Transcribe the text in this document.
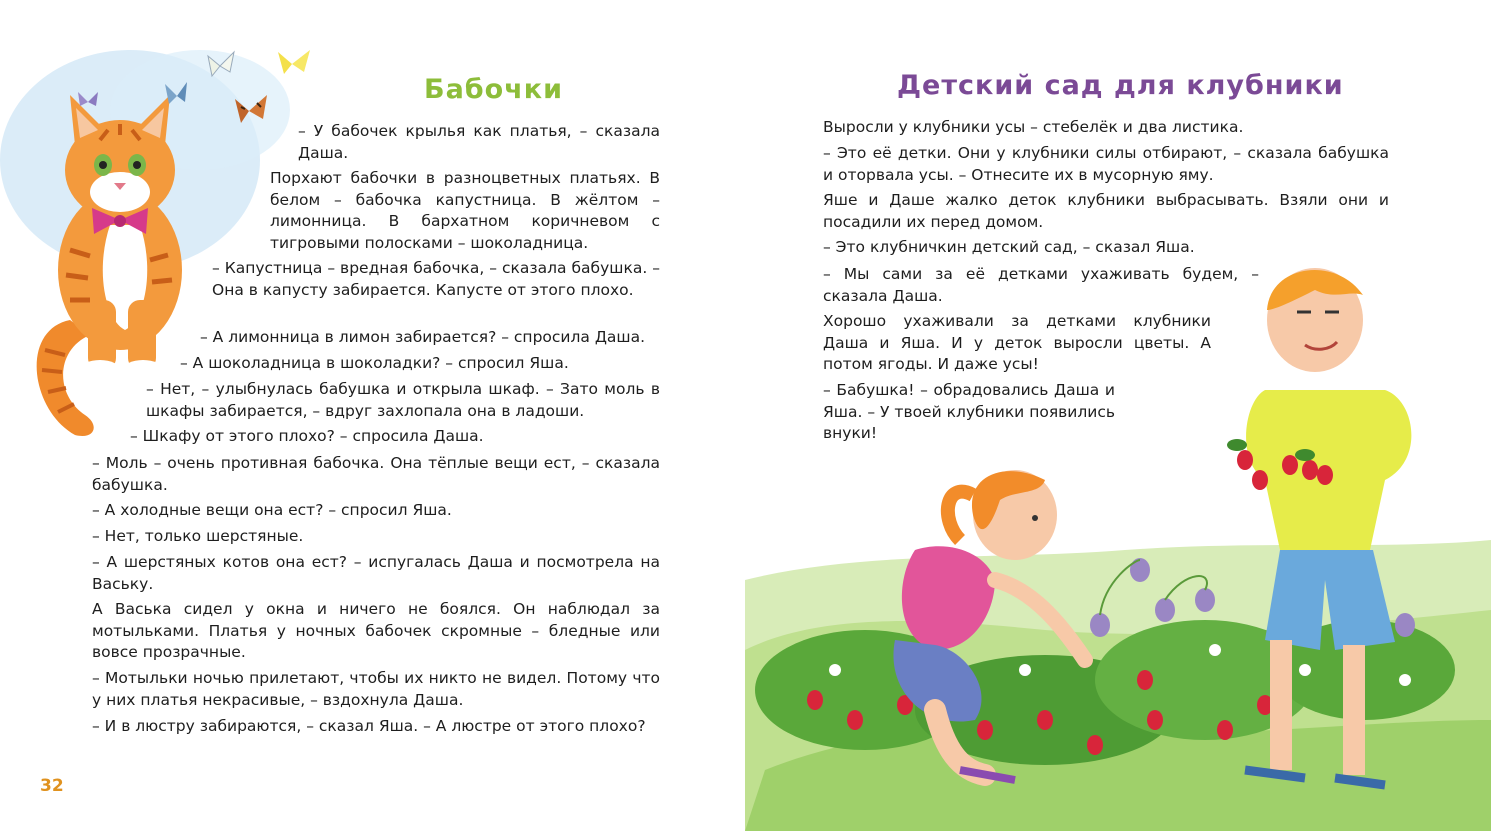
Бабочки

– У бабочек крылья как платья, – сказала Даша.

Порхают бабочки в разноцветных платьях. В белом – бабочка капустница. В жёлтом – лимонница. В бархатном коричневом с тигровыми полосками – шоколадница.

– Капустница – вредная бабочка, – сказала бабушка. – Она в капусту забирается. Капусте от этого плохо.

– А лимонница в лимон забирается? – спросила Даша.

– А шоколадница в шоколадки? – спросил Яша.

– Нет, – улыбнулась бабушка и открыла шкаф. – Зато моль в шкафы забирается, – вдруг захлопала она в ладоши.

– Шкафу от этого плохо? – спросила Даша.

– Моль – очень противная бабочка. Она тёплые вещи ест, – сказала бабушка.

– А холодные вещи она ест? – спросил Яша.

– Нет, только шерстяные.

– А шерстяных котов она ест? – испугалась Даша и посмотрела на Ваську.

А Васька сидел у окна и ничего не боялся. Он наблюдал за мотыльками. Платья у ночных бабочек скромные – бледные или вовсе прозрачные.

– Мотыльки ночью прилетают, чтобы их никто не видел. Потому что у них платья некрасивые, – вздохнула Даша.

– И в люстру забираются, – сказал Яша. – А люстре от этого плохо?

32
Детский сад для клубники

Выросли у клубники усы – стебелёк и два листика.

– Это её детки. Они у клубники силы отбирают, – сказала бабушка и оторвала усы. – Отнесите их в мусорную яму.

Яше и Даше жалко деток клубники выбрасывать. Взяли они и посадили их перед домом.

– Это клубничкин детский сад, – сказал Яша.

– Мы сами за её детками ухаживать будем, – сказала Даша.

Хорошо ухаживали за детками клубники Даша и Яша. И у деток выросли цветы. А потом ягоды. И даже усы!

– Бабушка! – обрадовались Даша и Яша. – У твоей клубники появились внуки!
